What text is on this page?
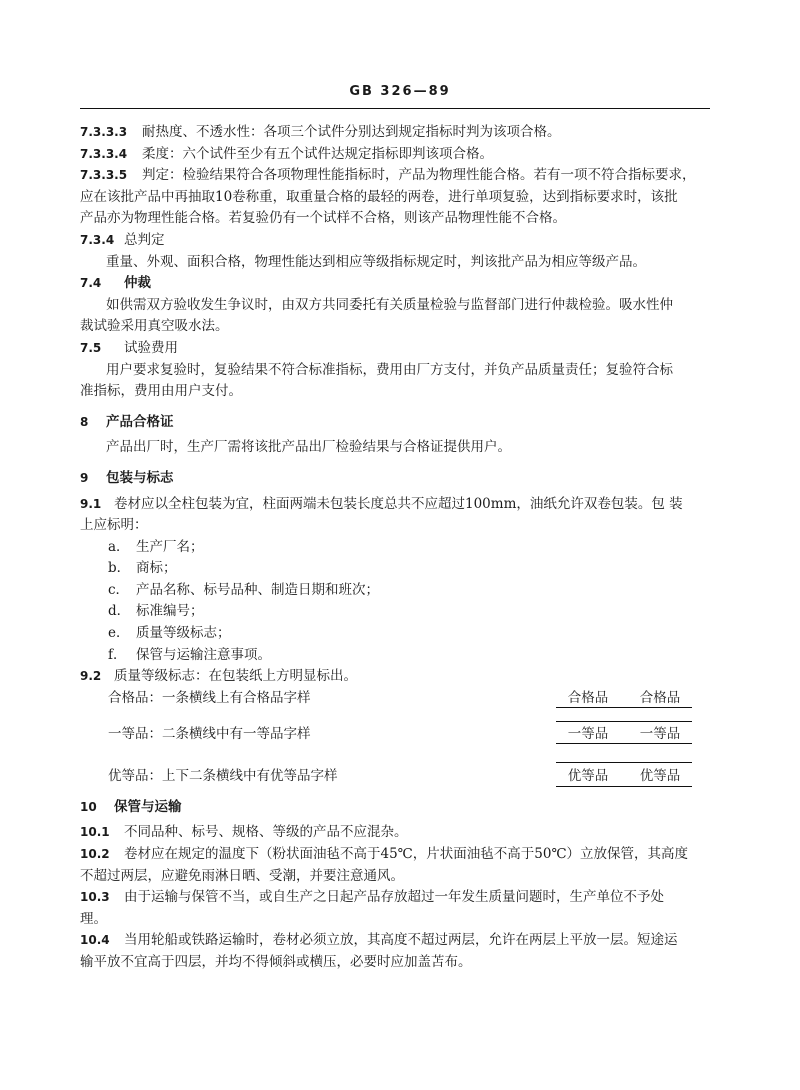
GB 326—89
7.3.3.3 耐热度、不透水性：各项三个试件分别达到规定指标时判为该项合格。
7.3.3.4 柔度：六个试件至少有五个试件达规定指标即判该项合格。
7.3.3.5 判定：检验结果符合各项物理性能指标时，产品为物理性能合格。若有一项不符合指标要求，
应在该批产品中再抽取10卷称重，取重量合格的最轻的两卷，进行单项复验，达到指标要求时，该批
产品亦为物理性能合格。若复验仍有一个试样不合格，则该产品物理性能不合格。
7.3.4 总判定
重量、外观、面积合格，物理性能达到相应等级指标规定时，判该批产品为相应等级产品。
7.4 仲裁
如供需双方验收发生争议时，由双方共同委托有关质量检验与监督部门进行仲裁检验。吸水性仲
裁试验采用真空吸水法。
7.5 试验费用
用户要求复验时，复验结果不符合标准指标，费用由厂方支付，并负产品质量责任；复验符合标
准指标，费用由用户支付。
8 产品合格证
产品出厂时，生产厂需将该批产品出厂检验结果与合格证提供用户。
9 包装与标志
9.1 卷材应以全柱包装为宜，柱面两端未包装长度总共不应超过100mm，油纸允许双卷包装。包 装
上应标明：
a． 生产厂名；
b． 商标；
c． 产品名称、标号品种、制造日期和班次；
d． 标准编号；
e． 质量等级标志；
f． 保管与运输注意事项。
9.2 质量等级标志：在包装纸上方明显标出。
合格品：一条横线上有合格品字样	合格品	合格品
一等品：二条横线中有一等品字样	一等品	一等品
优等品：上下二条横线中有优等品字样	优等品	优等品
10 保管与运输
10.1 不同品种、标号、规格、等级的产品不应混杂。
10.2 卷材应在规定的温度下（粉状面油毡不高于45℃，片状面油毡不高于50℃）立放保管，其高度
不超过两层，应避免雨淋日晒、受潮，并要注意通风。
10.3 由于运输与保管不当，或自生产之日起产品存放超过一年发生质量问题时，生产单位不予处
理。
10.4 当用轮船或铁路运输时，卷材必须立放，其高度不超过两层，允许在两层上平放一层。短途运
输平放不宜高于四层，并均不得倾斜或横压，必要时应加盖苫布。
